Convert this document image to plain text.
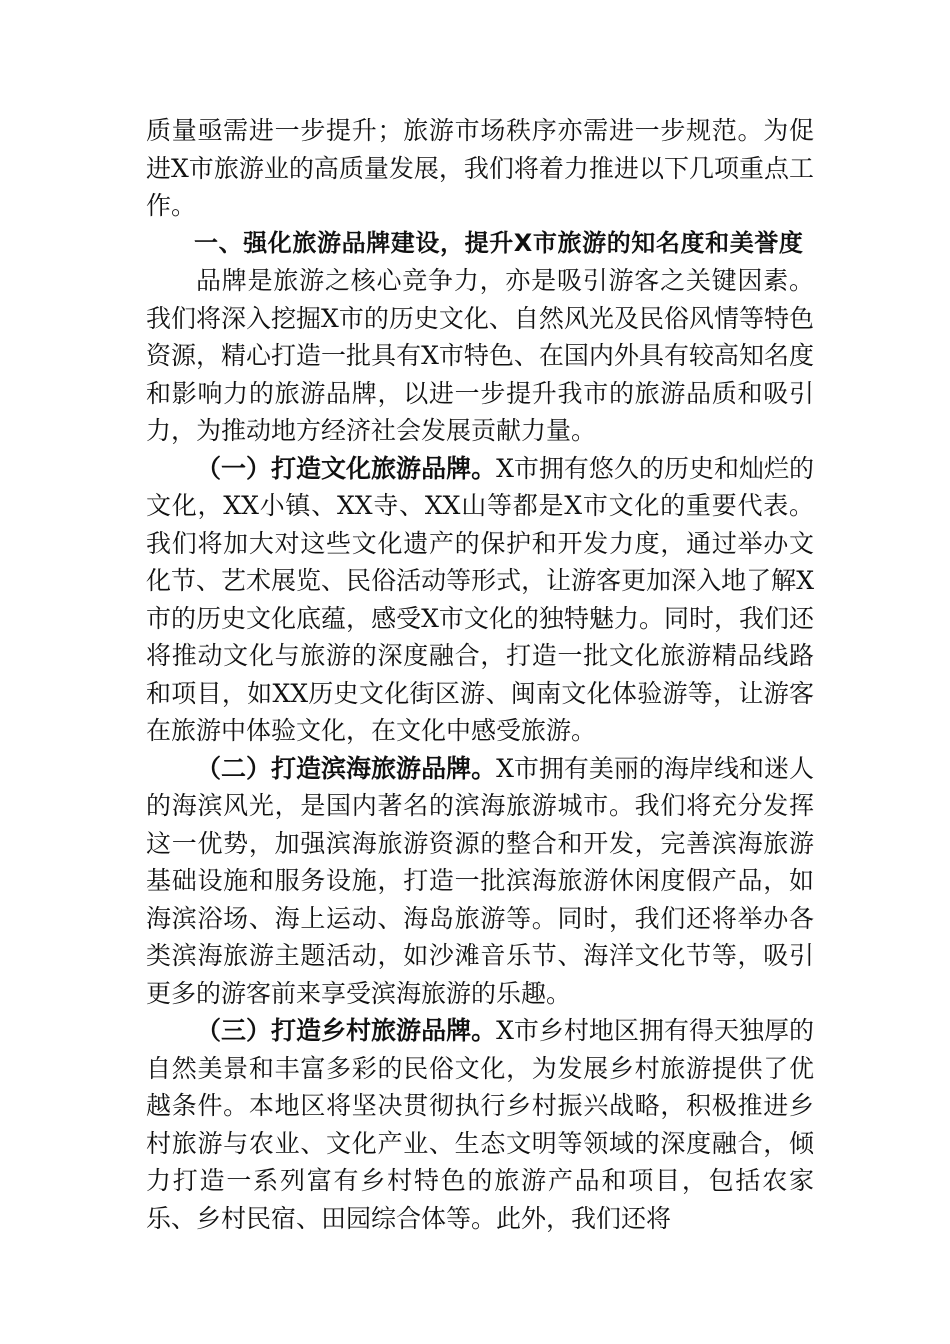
质量亟需进一步提升；旅游市场秩序亦需进一步规范。为促进X市旅游业的高质量发展，我们将着力推进以下几项重点工作。

一、强化旅游品牌建设，提升X市旅游的知名度和美誉度

品牌是旅游之核心竞争力，亦是吸引游客之关键因素。我们将深入挖掘X市的历史文化、自然风光及民俗风情等特色资源，精心打造一批具有X市特色、在国内外具有较高知名度和影响力的旅游品牌，以进一步提升我市的旅游品质和吸引力，为推动地方经济社会发展贡献力量。

（一）打造文化旅游品牌。X市拥有悠久的历史和灿烂的文化，XX小镇、XX寺、XX山等都是X市文化的重要代表。我们将加大对这些文化遗产的保护和开发力度，通过举办文化节、艺术展览、民俗活动等形式，让游客更加深入地了解X市的历史文化底蕴，感受X市文化的独特魅力。同时，我们还将推动文化与旅游的深度融合，打造一批文化旅游精品线路和项目，如XX历史文化街区游、闽南文化体验游等，让游客在旅游中体验文化，在文化中感受旅游。

（二）打造滨海旅游品牌。X市拥有美丽的海岸线和迷人的海滨风光，是国内著名的滨海旅游城市。我们将充分发挥这一优势，加强滨海旅游资源的整合和开发，完善滨海旅游基础设施和服务设施，打造一批滨海旅游休闲度假产品，如海滨浴场、海上运动、海岛旅游等。同时，我们还将举办各类滨海旅游主题活动，如沙滩音乐节、海洋文化节等，吸引更多的游客前来享受滨海旅游的乐趣。

（三）打造乡村旅游品牌。X市乡村地区拥有得天独厚的自然美景和丰富多彩的民俗文化，为发展乡村旅游提供了优越条件。本地区将坚决贯彻执行乡村振兴战略，积极推进乡村旅游与农业、文化产业、生态文明等领域的深度融合，倾力打造一系列富有乡村特色的旅游产品和项目，包括农家乐、乡村民宿、田园综合体等。此外，我们还将
